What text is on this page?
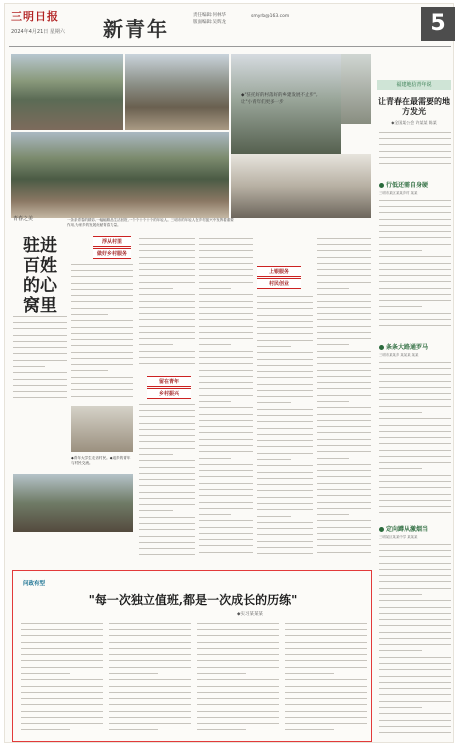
三明日报
2024年4月21日 星期六 新青年
责任编辑:何林华
版面编辑:吴辉龙
smyrb@163.com	5
◆"驻托好的村落好的乡建发展不止步",让"小青年们更多一步
青春之美	一条条青春的精彩,一幅幅精品生活回报,一个个十个十个的年轻人。三明市的年轻人在乡村振兴中发挥着重要作用,为家乡的发展贡献青春力量。
驻进百姓的心窝里
浮从村里
做好乡村服务
留在青年
乡村振兴
上银服务
村民创业
◆青年大学生走访村民。◆返乡的青年与村民交流。
福建地信青年说
让青春在最需要的地方发光
◆全国某公会 许某某 陈某
行低还需自身硬
三明市某区某某乡村 某某
条条大路通罗马
三明市某某乡 某某某 某某
定向蹲从激烟当
三明某区某某中学 某某某
问政有型
"每一次独立值班,都是一次成长的历练"
◆实习某某某
